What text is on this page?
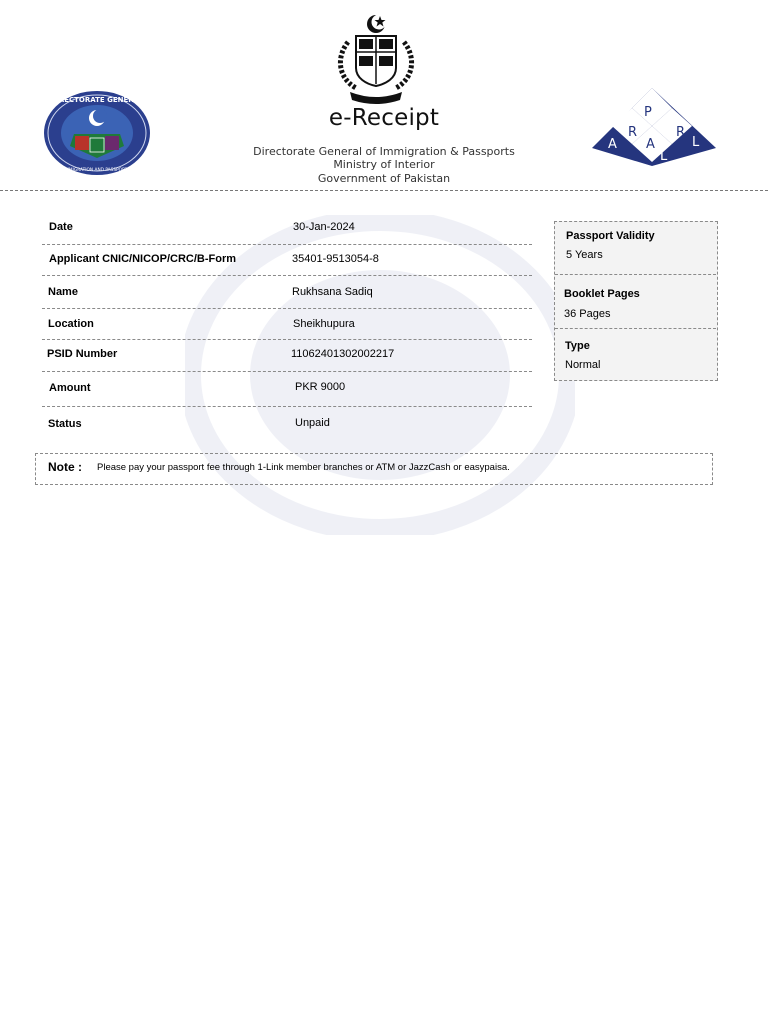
e-Receipt
Directorate General of Immigration & Passports
Ministry of Interior
Government of Pakistan
DIRECTORATE GENERAL
IMMIGRATION AND PASSPORTS
P P
R
L
A
R
A
L
Date	30-Jan-2024
Applicant CNIC/NICOP/CRC/B-Form	35401-9513054-8
Name	Rukhsana Sadiq
Location	Sheikhupura
PSID Number	11062401302002217
Amount	PKR 9000
Status	Unpaid
Passport Validity
5 Years
Booklet Pages
36 Pages
Type
Normal
Note : Please pay your passport fee through 1-Link member branches or ATM or JazzCash or easypaisa.
